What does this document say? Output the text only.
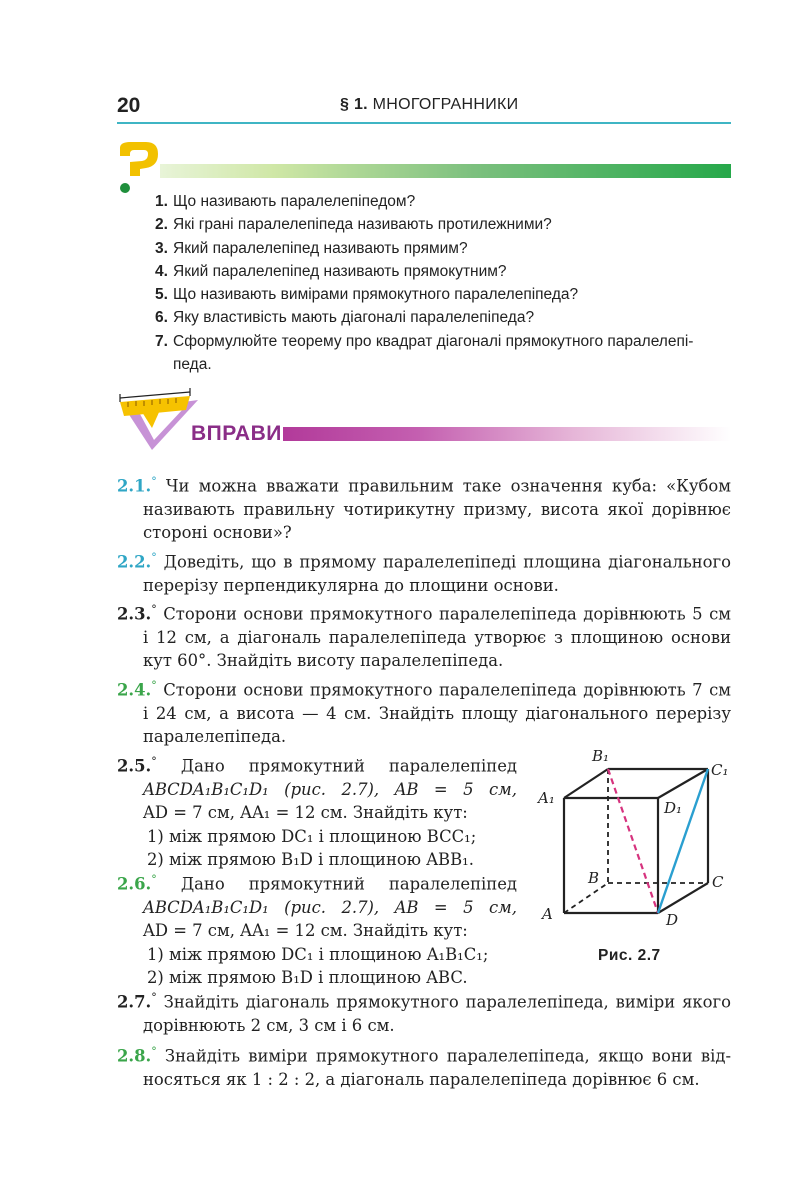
20	§ 1. МНОГОГРАННИКИ
1. Що називають паралелепіпедом?
2. Які грані паралелепіпеда називають протилежними?
3. Який паралелепіпед називають прямим?
4. Який паралелепіпед називають прямокутним?
5. Що називають вимірами прямокутного паралелепіпеда?
6. Яку властивість мають діагоналі паралелепіпеда?
7. Сформулюйте теорему про квадрат діагоналі прямокутного паралелепі-
педа.
ВПРАВИ
2.1.° Чи можна вважати правильним таке означення куба: «Кубом
називають правильну чотирикутну призму, висота якої дорівнює
стороні основи»?
2.2.° Доведіть, що в прямому паралелепіпеді площина діагонального
перерізу перпендикулярна до площини основи.
2.3.° Сторони основи прямокутного паралелепіпеда дорівнюють 5 см
і 12 см, а діагональ паралелепіпеда утворює з площиною основи
кут 60°. Знайдіть висоту паралелепіпеда.
2.4.° Сторони основи прямокутного паралелепіпеда дорівнюють 7 см
і 24 см, а висота — 4 см. Знайдіть площу діагонального перерізу
паралелепіпеда.
2.5.° Дано прямокутний паралелепіпед
ABCDA₁B₁C₁D₁ (рис. 2.7), AB = 5 см,
AD = 7 см, AA₁ = 12 см. Знайдіть кут:
1) між прямою DC₁ і площиною BCC₁;
2) між прямою B₁D і площиною ABB₁.
2.6.° Дано прямокутний паралелепіпед
ABCDA₁B₁C₁D₁ (рис. 2.7), AB = 5 см,
AD = 7 см, AA₁ = 12 см. Знайдіть кут:
1) між прямою DC₁ і площиною A₁B₁C₁;
2) між прямою B₁D і площиною ABC.
2.7.° Знайдіть діагональ прямокутного паралелепіпеда, виміри якого
дорівнюють 2 см, 3 см і 6 см.
2.8.° Знайдіть виміри прямокутного паралелепіпеда, якщо вони від-
носяться як 1 : 2 : 2, а діагональ паралелепіпеда дорівнює 6 см.
B₁
C₁
A₁
D₁
B	C
A	D
Рис. 2.7
